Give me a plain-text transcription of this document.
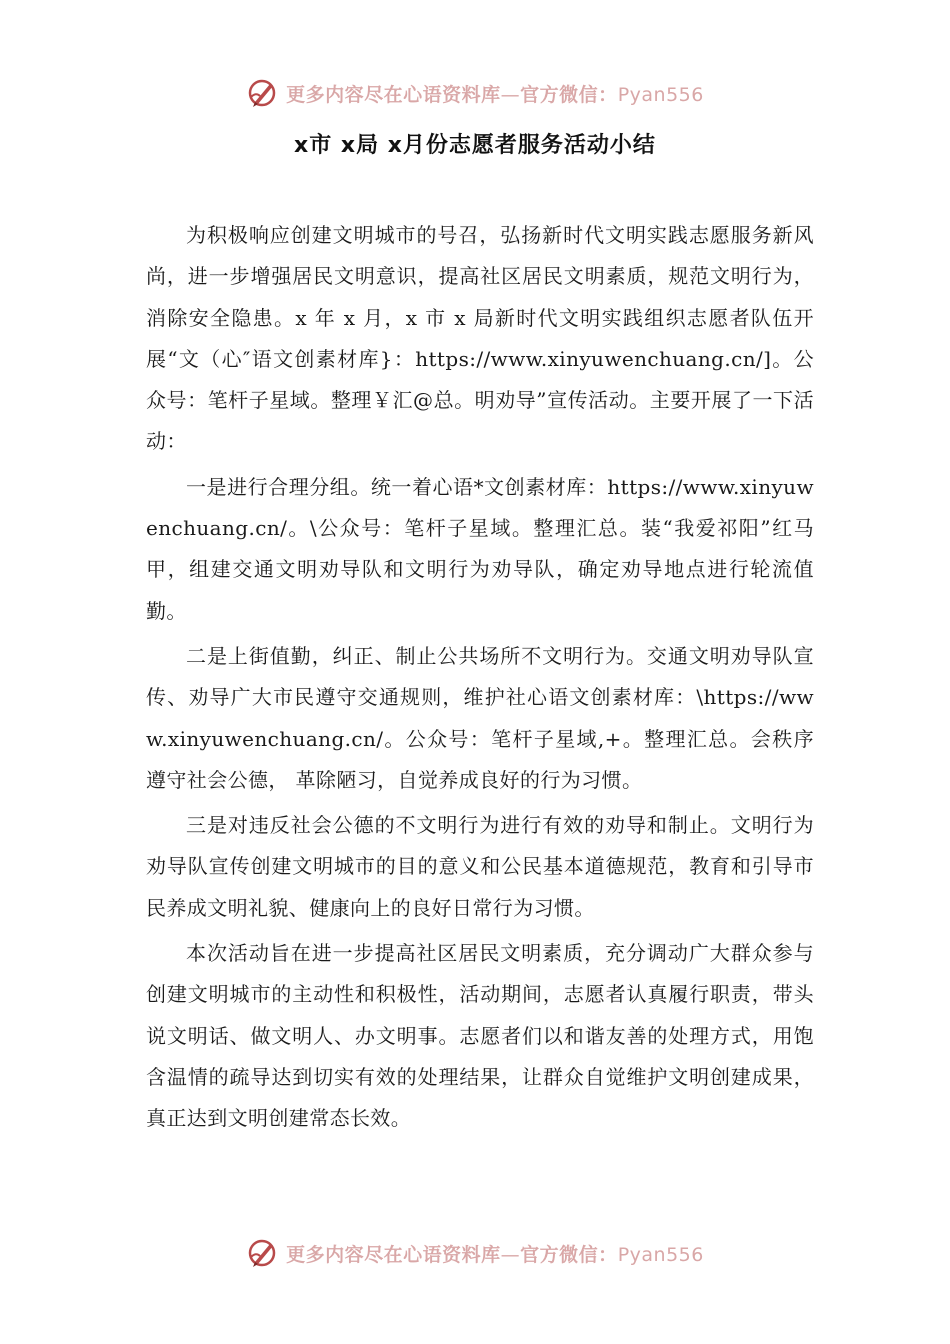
更多内容尽在心语资料库—官方微信：Pyan556
x市 x局 x月份志愿者服务活动小结

为积极响应创建文明城市的号召，弘扬新时代文明实践志愿服务新风尚，进一步增强居民文明意识，提高社区居民文明素质，规范文明行为，消除安全隐患。x 年 x 月，x 市 x 局新时代文明实践组织志愿者队伍开展“文（心″语文创素材库}：https://www.xinyuwenchuang.cn/]。公众号：笔杆子星域。整理￥汇@总。明劝导”宣传活动。主要开展了一下活动：

一是进行合理分组。统一着心语*文创素材库：https://www.xinyuwenchuang.cn/。\公众号：笔杆子星域。整理汇总。装“我爱祁阳”红马甲，组建交通文明劝导队和文明行为劝导队，确定劝导地点进行轮流值勤。

二是上街值勤，纠正、制止公共场所不文明行为。交通文明劝导队宣传、劝导广大市民遵守交通规则，维护社心语文创素材库：\https://www.xinyuwenchuang.cn/。公众号：笔杆子星域,+。整理汇总。会秩序遵守社会公德， 革除陋习，自觉养成良好的行为习惯。

三是对违反社会公德的不文明行为进行有效的劝导和制止。文明行为劝导队宣传创建文明城市的目的意义和公民基本道德规范，教育和引导市民养成文明礼貌、健康向上的良好日常行为习惯。

本次活动旨在进一步提高社区居民文明素质，充分调动广大群众参与创建文明城市的主动性和积极性，活动期间，志愿者认真履行职责，带头说文明话、做文明人、办文明事。志愿者们以和谐友善的处理方式，用饱含温情的疏导达到切实有效的处理结果，让群众自觉维护文明创建成果，真正达到文明创建常态长效。

更多内容尽在心语资料库—官方微信：Pyan556
